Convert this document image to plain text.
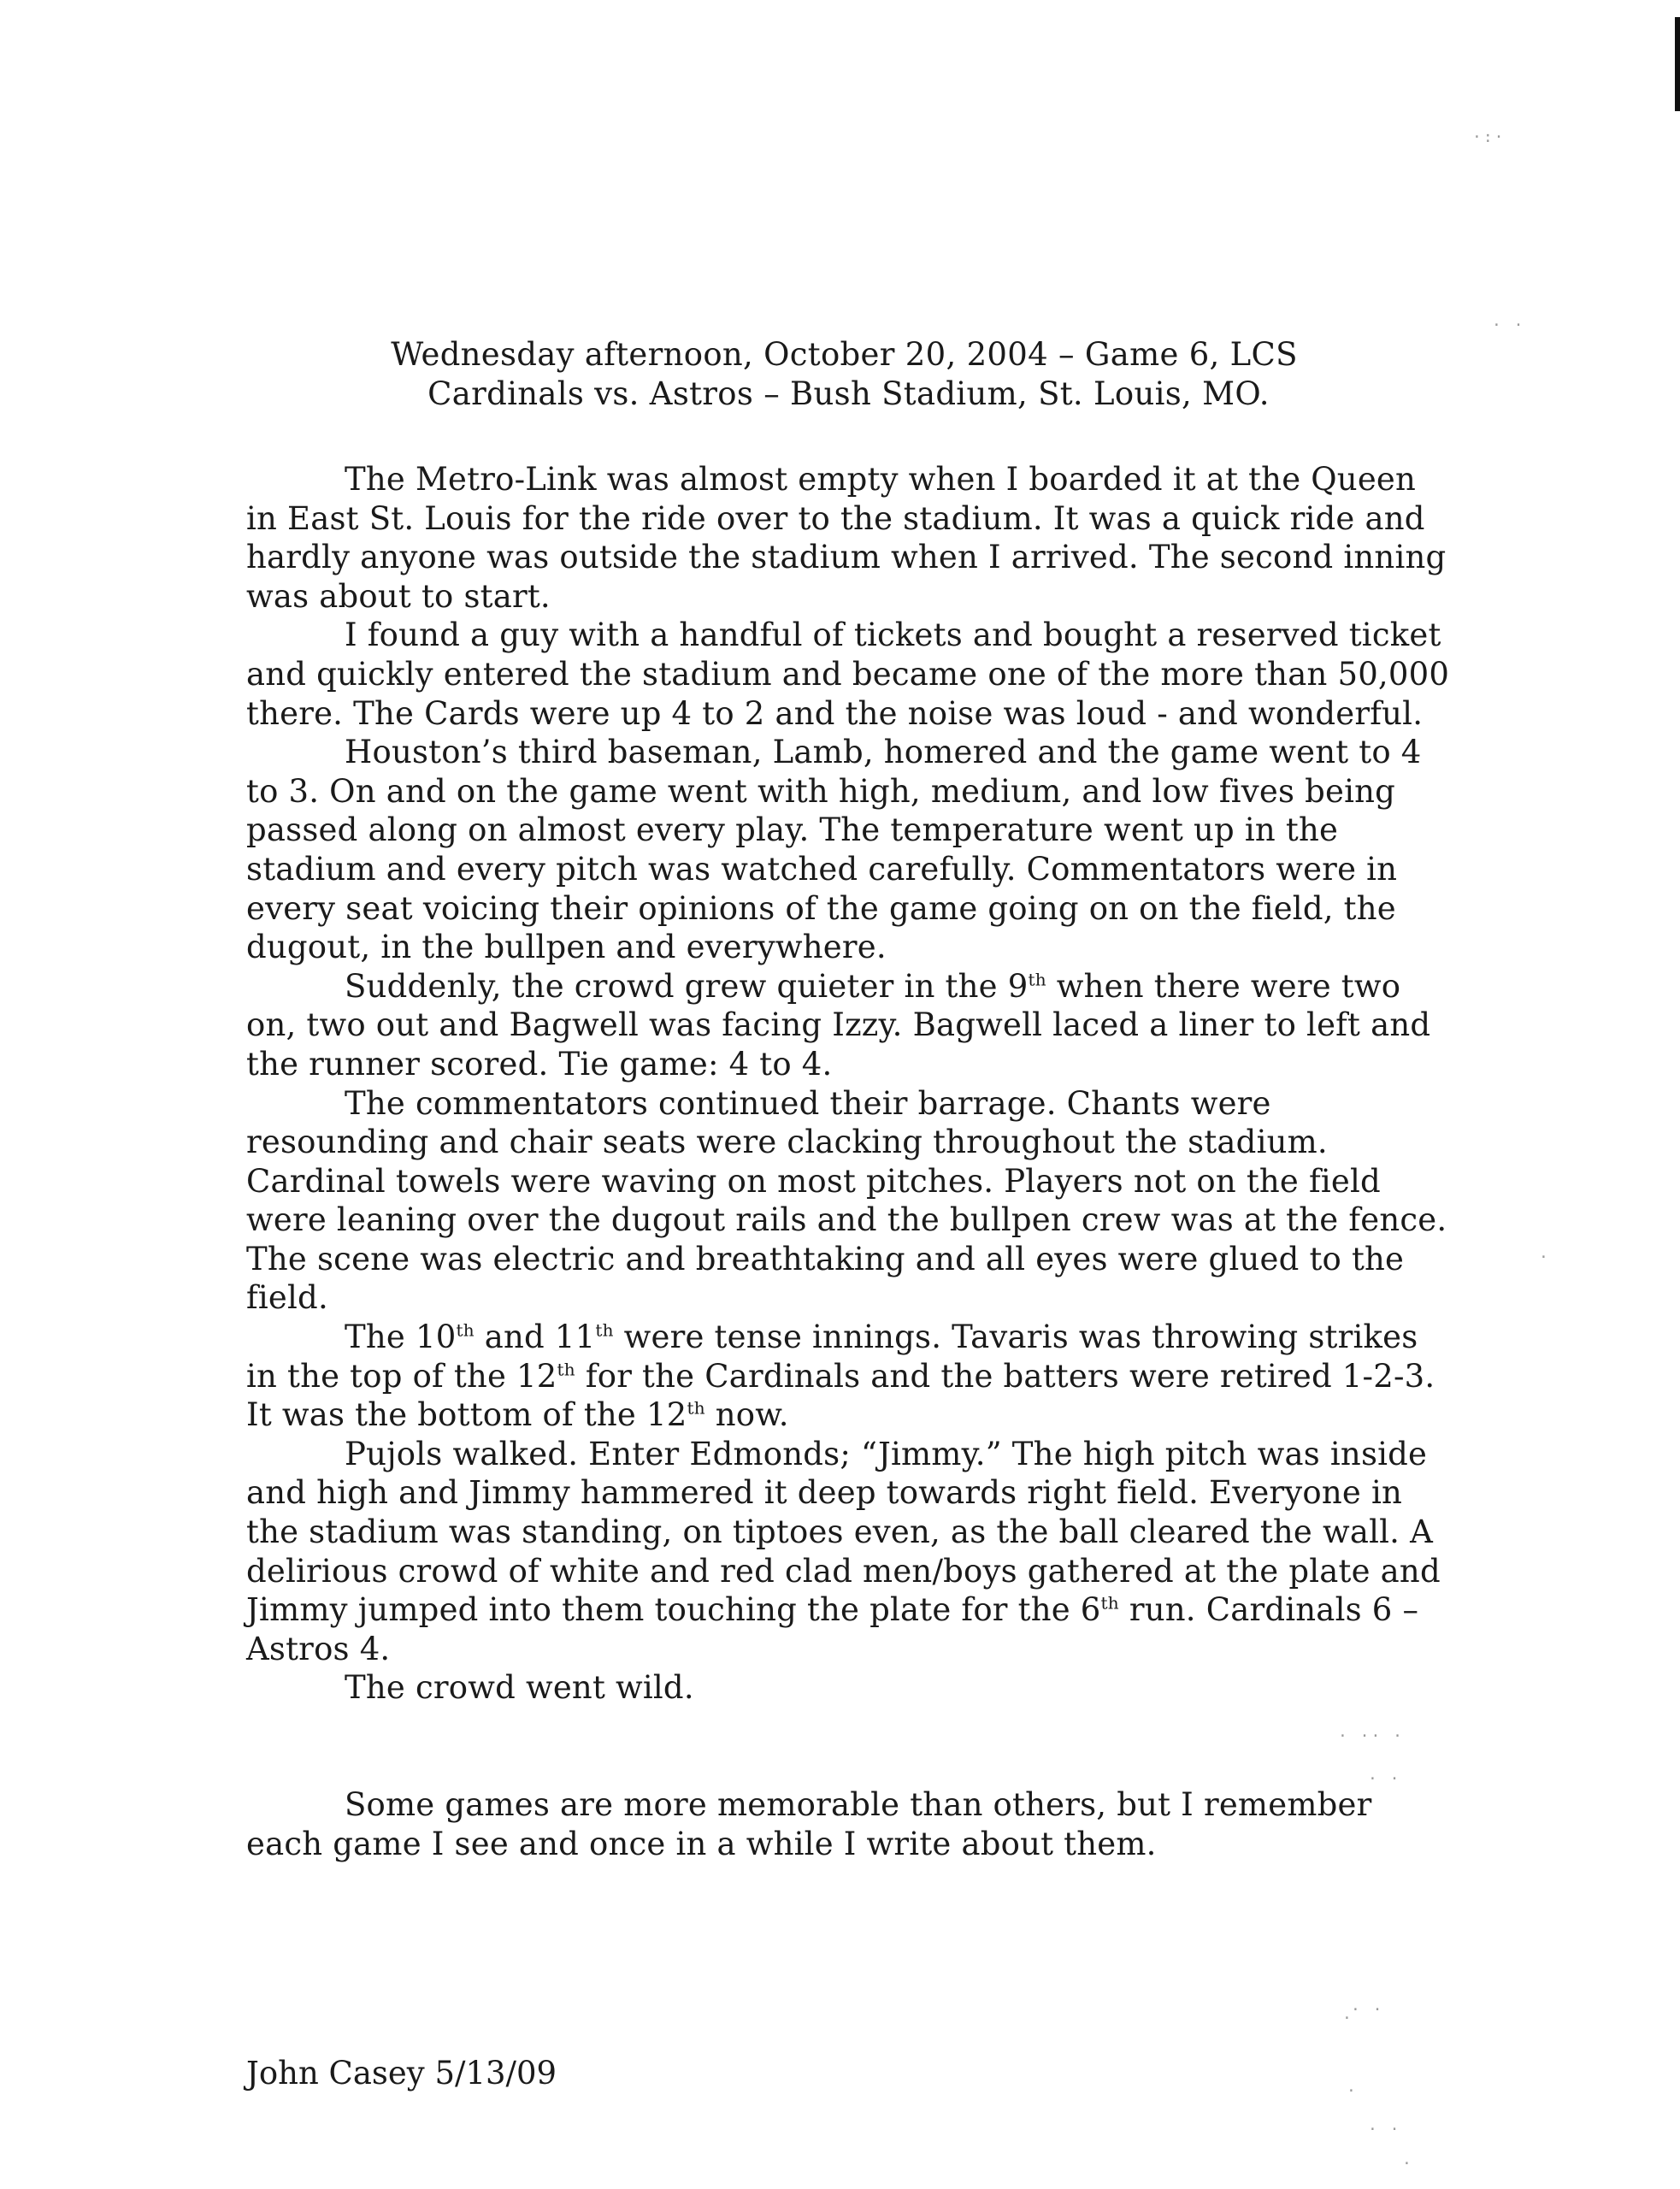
Wednesday afternoon, October 20, 2004 – Game 6, LCS
Cardinals vs. Astros – Bush Stadium, St. Louis, MO.

The Metro-Link was almost empty when I boarded it at the Queen in East St. Louis for the ride over to the stadium. It was a quick ride and hardly anyone was outside the stadium when I arrived. The second inning was about to start.

I found a guy with a handful of tickets and bought a reserved ticket and quickly entered the stadium and became one of the more than 50,000 there. The Cards were up 4 to 2 and the noise was loud - and wonderful.

Houston’s third baseman, Lamb, homered and the game went to 4 to 3. On and on the game went with high, medium, and low fives being passed along on almost every play. The temperature went up in the stadium and every pitch was watched carefully. Commentators were in every seat voicing their opinions of the game going on on the field, the dugout, in the bullpen and everywhere.

Suddenly, the crowd grew quieter in the 9th when there were two on, two out and Bagwell was facing Izzy. Bagwell laced a liner to left and the runner scored. Tie game: 4 to 4.

The commentators continued their barrage. Chants were resounding and chair seats were clacking throughout the stadium. Cardinal towels were waving on most pitches. Players not on the field were leaning over the dugout rails and the bullpen crew was at the fence. The scene was electric and breathtaking and all eyes were glued to the field.

The 10th and 11th were tense innings. Tavaris was throwing strikes in the top of the 12th for the Cardinals and the batters were retired 1-2-3. It was the bottom of the 12th now.

Pujols walked. Enter Edmonds; “Jimmy.” The high pitch was inside and high and Jimmy hammered it deep towards right field. Everyone in the stadium was standing, on tiptoes even, as the ball cleared the wall. A delirious crowd of white and red clad men/boys gathered at the plate and Jimmy jumped into them touching the plate for the 6th run. Cardinals 6 – Astros 4.

The crowd went wild.

Some games are more memorable than others, but I remember each game I see and once in a while I write about them.

John Casey 5/13/09
·:·
· ·
·
· ·· ·
· ·
· ·
·
·
· ·
·
